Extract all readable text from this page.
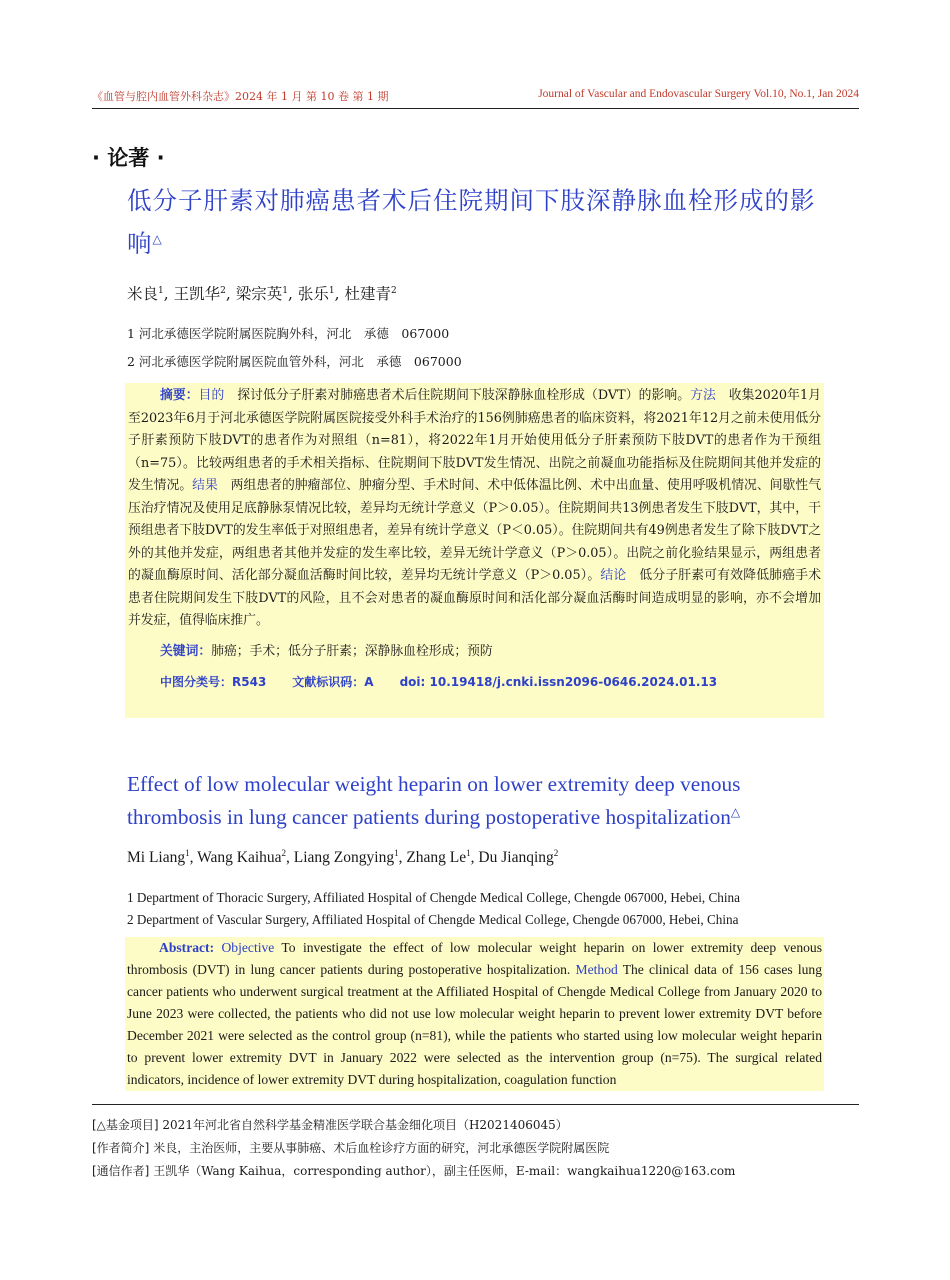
《血管与腔内血管外科杂志》2024 年 1 月 第 10 卷 第 1 期	Journal of Vascular and Endovascular Surgery Vol.10, No.1, Jan 2024
· 论著 ·
低分子肝素对肺癌患者术后住院期间下肢深静脉血栓形成的影响△
米良$^1$, 王凯华$^2$, 梁宗英$^1$, 张乐$^1$, 杜建青$^2$
1 河北承德医学院附属医院胸外科，河北　承德　067000
2 河北承德医学院附属医院血管外科，河北　承德　067000
摘要：目的　探讨低分子肝素对肺癌患者术后住院期间下肢深静脉血栓形成（DVT）的影响。方法　收集2020年1月至2023年6月于河北承德医学院附属医院接受外科手术治疗的156例肺癌患者的临床资料，将2021年12月之前未使用低分子肝素预防下肢DVT的患者作为对照组（n=81），将2022年1月开始使用低分子肝素预防下肢DVT的患者作为干预组（n=75）。比较两组患者的手术相关指标、住院期间下肢DVT发生情况、出院之前凝血功能指标及住院期间其他并发症的发生情况。结果　两组患者的肿瘤部位、肿瘤分型、手术时间、术中低体温比例、术中出血量、使用呼吸机情况、间歇性气压治疗情况及使用足底静脉泵情况比较，差异均无统计学意义（P＞0.05）。住院期间共13例患者发生下肢DVT，其中，干预组患者下肢DVT的发生率低于对照组患者，差异有统计学意义（P＜0.05）。住院期间共有49例患者发生了除下肢DVT之外的其他并发症，两组患者其他并发症的发生率比较，差异无统计学意义（P＞0.05）。出院之前化验结果显示，两组患者的凝血酶原时间、活化部分凝血活酶时间比较，差异均无统计学意义（P＞0.05）。结论　低分子肝素可有效降低肺癌手术患者住院期间发生下肢DVT的风险，且不会对患者的凝血酶原时间和活化部分凝血活酶时间造成明显的影响，亦不会增加并发症，值得临床推广。
关键词：肺癌；手术；低分子肝素；深静脉血栓形成；预防
中图分类号：R543 文献标识码：A doi: 10.19418/j.cnki.issn2096-0646.2024.01.13
Effect of low molecular weight heparin on lower extremity deep venous thrombosis in lung cancer patients during postoperative hospitalization△
Mi Liang$^1$, Wang Kaihua$^2$, Liang Zongying$^1$, Zhang Le$^1$, Du Jianqing$^2$
1 Department of Thoracic Surgery, Affiliated Hospital of Chengde Medical College, Chengde 067000, Hebei, China
2 Department of Vascular Surgery, Affiliated Hospital of Chengde Medical College, Chengde 067000, Hebei, China
Abstract: Objective To investigate the effect of low molecular weight heparin on lower extremity deep venous thrombosis (DVT) in lung cancer patients during postoperative hospitalization. Method The clinical data of 156 cases lung cancer patients who underwent surgical treatment at the Affiliated Hospital of Chengde Medical College from January 2020 to June 2023 were collected, the patients who did not use low molecular weight heparin to prevent lower extremity DVT before December 2021 were selected as the control group (n=81), while the patients who started using low molecular weight heparin to prevent lower extremity DVT in January 2022 were selected as the intervention group (n=75). The surgical related indicators, incidence of lower extremity DVT during hospitalization, coagulation function
[△基金项目] 2021年河北省自然科学基金精准医学联合基金细化项目（H2021406045）
[作者简介] 米良，主治医师，主要从事肺癌、术后血栓诊疗方面的研究，河北承德医学院附属医院
[通信作者] 王凯华（Wang Kaihua，corresponding author），副主任医师，E-mail：wangkaihua1220@163.com
